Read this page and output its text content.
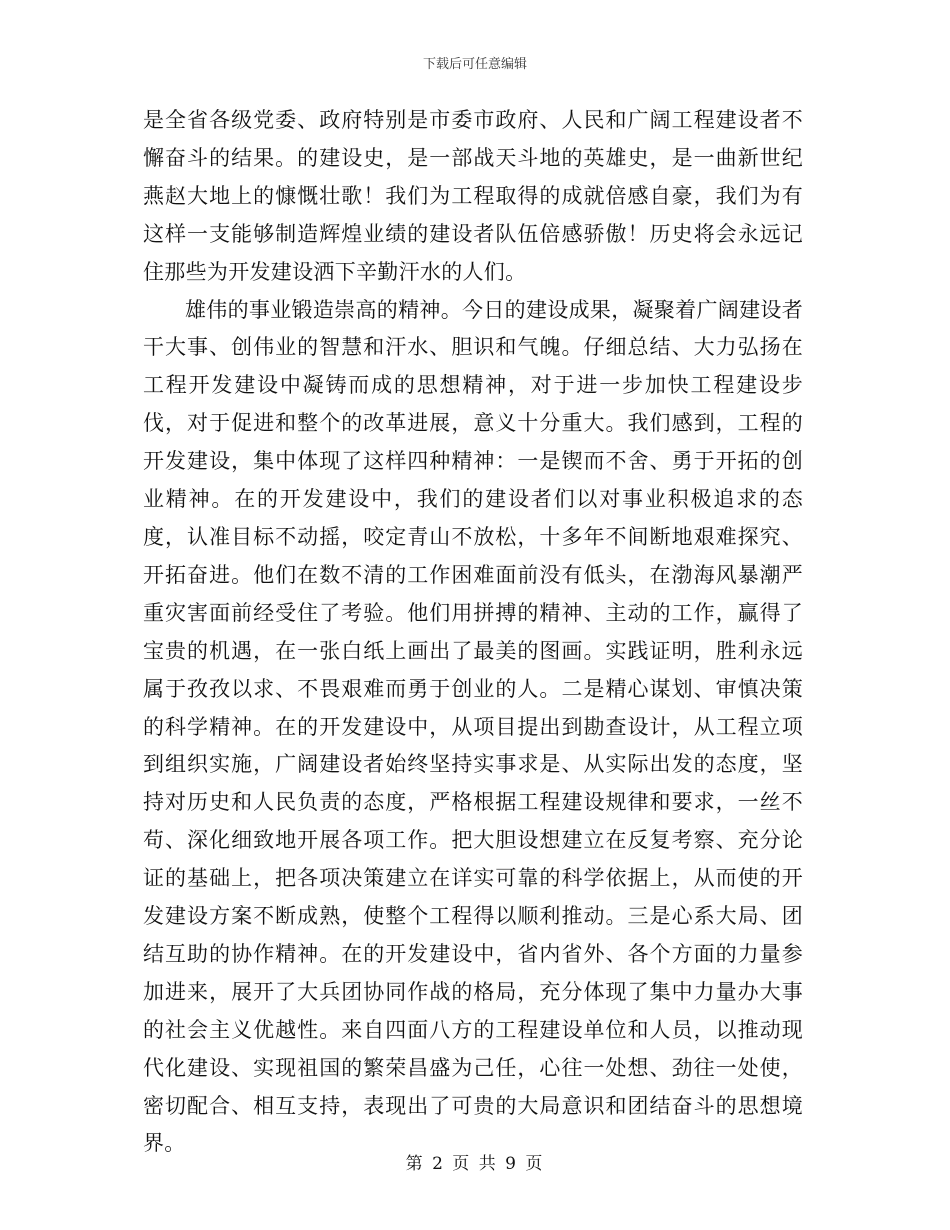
下载后可任意编辑

是全省各级党委、政府特别是市委市政府、人民和广阔工程建设者不懈奋斗的结果。的建设史，是一部战天斗地的英雄史，是一曲新世纪燕赵大地上的慷慨壮歌！我们为工程取得的成就倍感自豪，我们为有这样一支能够制造辉煌业绩的建设者队伍倍感骄傲！历史将会永远记住那些为开发建设洒下辛勤汗水的人们。

雄伟的事业锻造崇高的精神。今日的建设成果，凝聚着广阔建设者干大事、创伟业的智慧和汗水、胆识和气魄。仔细总结、大力弘扬在工程开发建设中凝铸而成的思想精神，对于进一步加快工程建设步伐，对于促进和整个的改革进展，意义十分重大。我们感到，工程的开发建设，集中体现了这样四种精神：一是锲而不舍、勇于开拓的创业精神。在的开发建设中，我们的建设者们以对事业积极追求的态度，认准目标不动摇，咬定青山不放松，十多年不间断地艰难探究、开拓奋进。他们在数不清的工作困难面前没有低头，在渤海风暴潮严重灾害面前经受住了考验。他们用拼搏的精神、主动的工作，赢得了宝贵的机遇，在一张白纸上画出了最美的图画。实践证明，胜利永远属于孜孜以求、不畏艰难而勇于创业的人。二是精心谋划、审慎决策的科学精神。在的开发建设中，从项目提出到勘查设计，从工程立项到组织实施，广阔建设者始终坚持实事求是、从实际出发的态度，坚持对历史和人民负责的态度，严格根据工程建设规律和要求，一丝不苟、深化细致地开展各项工作。把大胆设想建立在反复考察、充分论证的基础上，把各项决策建立在详实可靠的科学依据上，从而使的开发建设方案不断成熟，使整个工程得以顺利推动。三是心系大局、团结互助的协作精神。在的开发建设中，省内省外、各个方面的力量参加进来，展开了大兵团协同作战的格局，充分体现了集中力量办大事的社会主义优越性。来自四面八方的工程建设单位和人员，以推动现代化建设、实现祖国的繁荣昌盛为己任，心往一处想、劲往一处使，密切配合、相互支持，表现出了可贵的大局意识和团结奋斗的思想境界。

第 2 页 共 9 页
